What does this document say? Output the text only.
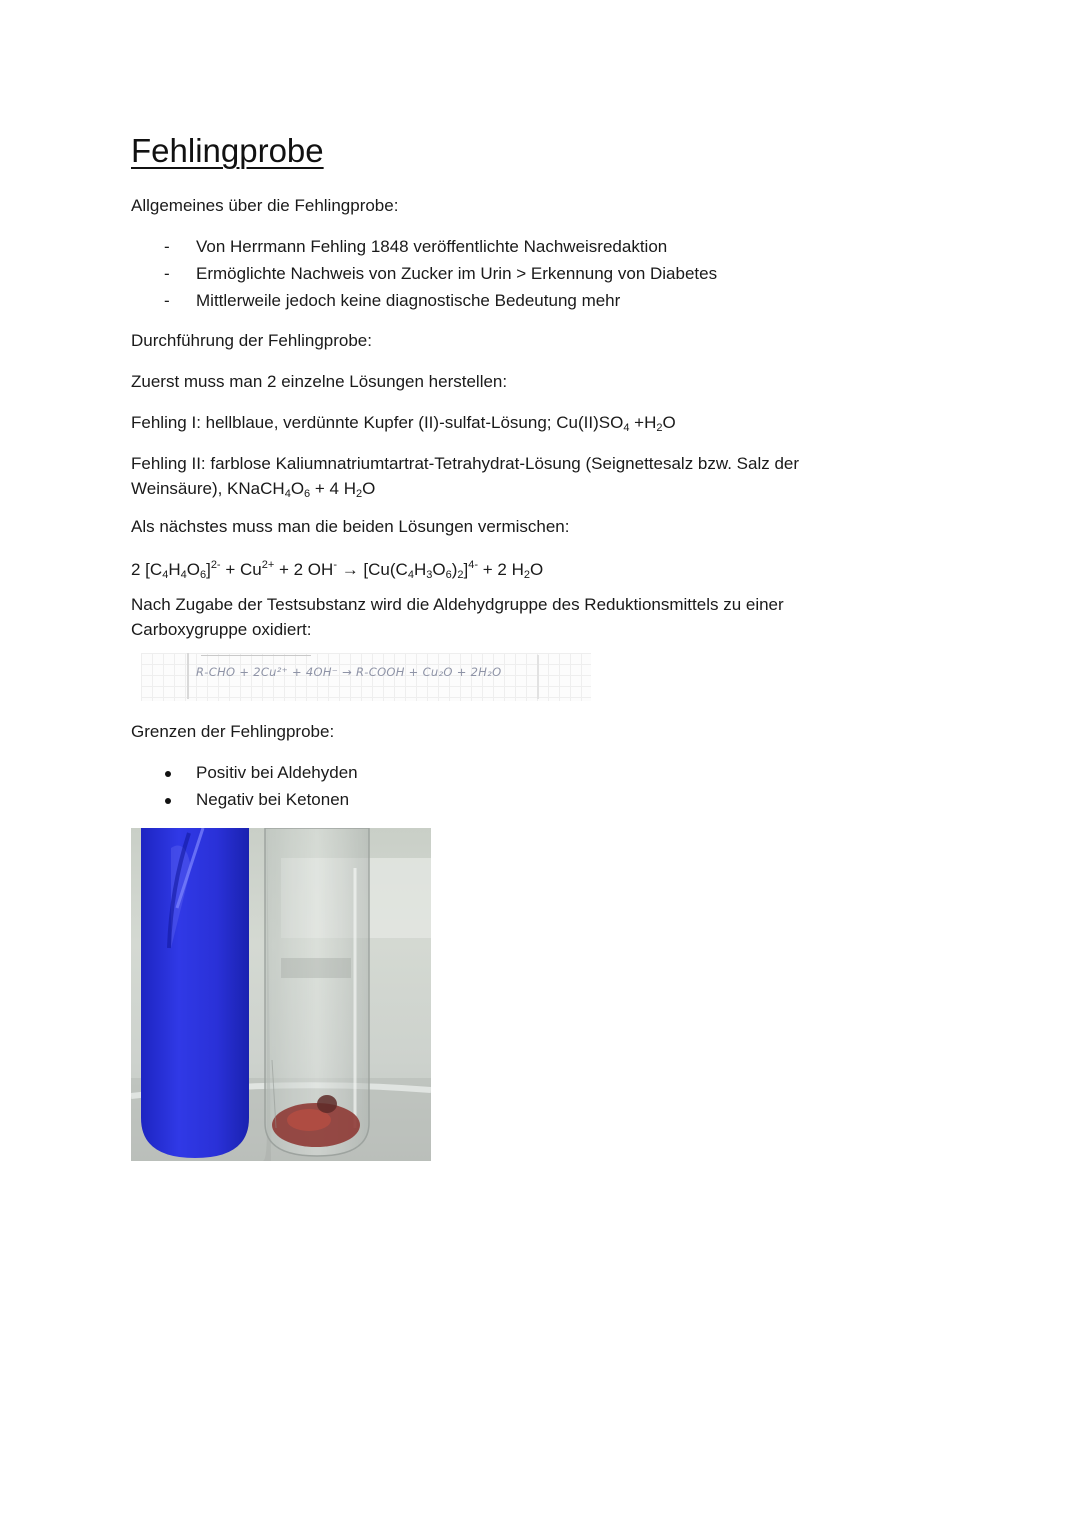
Fehlingprobe

Allgemeines über die Fehlingprobe:

- Von Herrmann Fehling 1848 veröffentlichte Nachweisredaktion
- Ermöglichte Nachweis von Zucker im Urin > Erkennung von Diabetes
- Mittlerweile jedoch keine diagnostische Bedeutung mehr

Durchführung der Fehlingprobe:

Zuerst muss man 2 einzelne Lösungen herstellen:

Fehling I: hellblaue, verdünnte Kupfer (II)-sulfat-Lösung; $Cu(II)SO_4 +H_2O$

Fehling II: farblose Kaliumnatriumtartrat-Tetrahydrat-Lösung (Seignettesalz bzw. Salz der
Weinsäure), $KNaCH_4O_6 + 4$ $H_2O$

Als nächstes muss man die beiden Lösungen vermischen:

2 $[C_4H_4O_6]^{2-} + Cu^{2+} + 2$ $OH^- \to [Cu(C_4H_3O_6)_2]^{4-} + 2$ $H_2O$

Nach Zugabe der Testsubstanz wird die Aldehydgruppe des Reduktionsmittels zu einer Carboxygruppe oxidiert:

R-CHO + 2Cu²⁺ + 4OH⁻ → R-COOH + Cu₂O + 2H₂O

Grenzen der Fehlingprobe:

Positiv bei Aldehyden
Negativ bei Ketonen
